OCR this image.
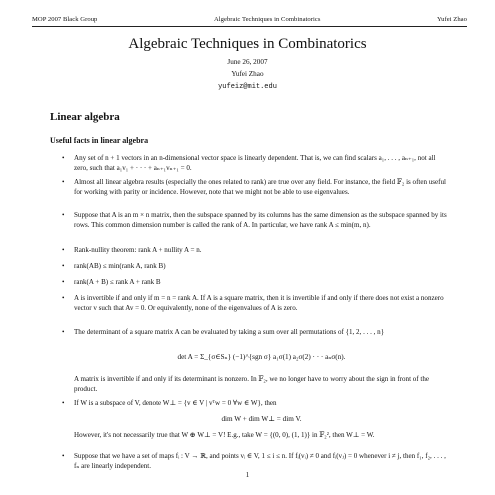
MOP 2007 Black Group	Algebraic Techniques in Combinatorics	Yufei Zhao
Algebraic Techniques in Combinatorics
June 26, 2007
Yufei Zhao
yufeiz@mit.edu
Linear algebra
Useful facts in linear algebra
•	Any set of n + 1 vectors in an n-dimensional vector space is linearly dependent. That is, we can find scalars a₁, . . . , aₙ₊₁, not all zero, such that a₁v₁ + · · · + aₙ₊₁vₙ₊₁ = 0.
•	Almost all linear algebra results (especially the ones related to rank) are true over any field. For instance, the field 𝔽₂ is often useful for working with parity or incidence. However, note that we might not be able to use eigenvalues.
•	Suppose that A is an m × n matrix, then the subspace spanned by its columns has the same dimension as the subspace spanned by its rows. This common dimension number is called the rank of A. In particular, we have rank A ≤ min(m, n).
•	Rank-nullity theorem: rank A + nullity A = n.
•	rank(AB) ≤ min(rank A, rank B)
•	rank(A + B) ≤ rank A + rank B
•	A is invertible if and only if m = n = rank A. If A is a square matrix, then it is invertible if and only if there does not exist a nonzero vector v such that Av = 0. Or equivalently, none of the eigenvalues of A is zero.
•	The determinant of a square matrix A can be evaluated by taking a sum over all permutations of {1, 2, . . . , n}
det A = Σ_{σ∈Sₙ} (−1)^{sgn σ} a₁σ(1) a₂σ(2) · · · aₙσ(n).
A matrix is invertible if and only if its determinant is nonzero. In 𝔽₂, we no longer have to worry about the sign in front of the product.
•	If W is a subspace of V, denote W⊥ = {v ∈ V | vᵀw = 0 ∀w ∈ W}, then
dim W + dim W⊥ = dim V.
However, it's not necessarily true that W ⊕ W⊥ = V! E.g., take W = {(0, 0), (1, 1)} in 𝔽₂², then W⊥ = W.
•	Suppose that we have a set of maps fᵢ : V → ℝ, and points vᵢ ∈ V, 1 ≤ i ≤ n. If fᵢ(vᵢ) ≠ 0 and fᵢ(vⱼ) = 0 whenever i ≠ j, then f₁, f₂, . . . , fₙ are linearly independent.
1
